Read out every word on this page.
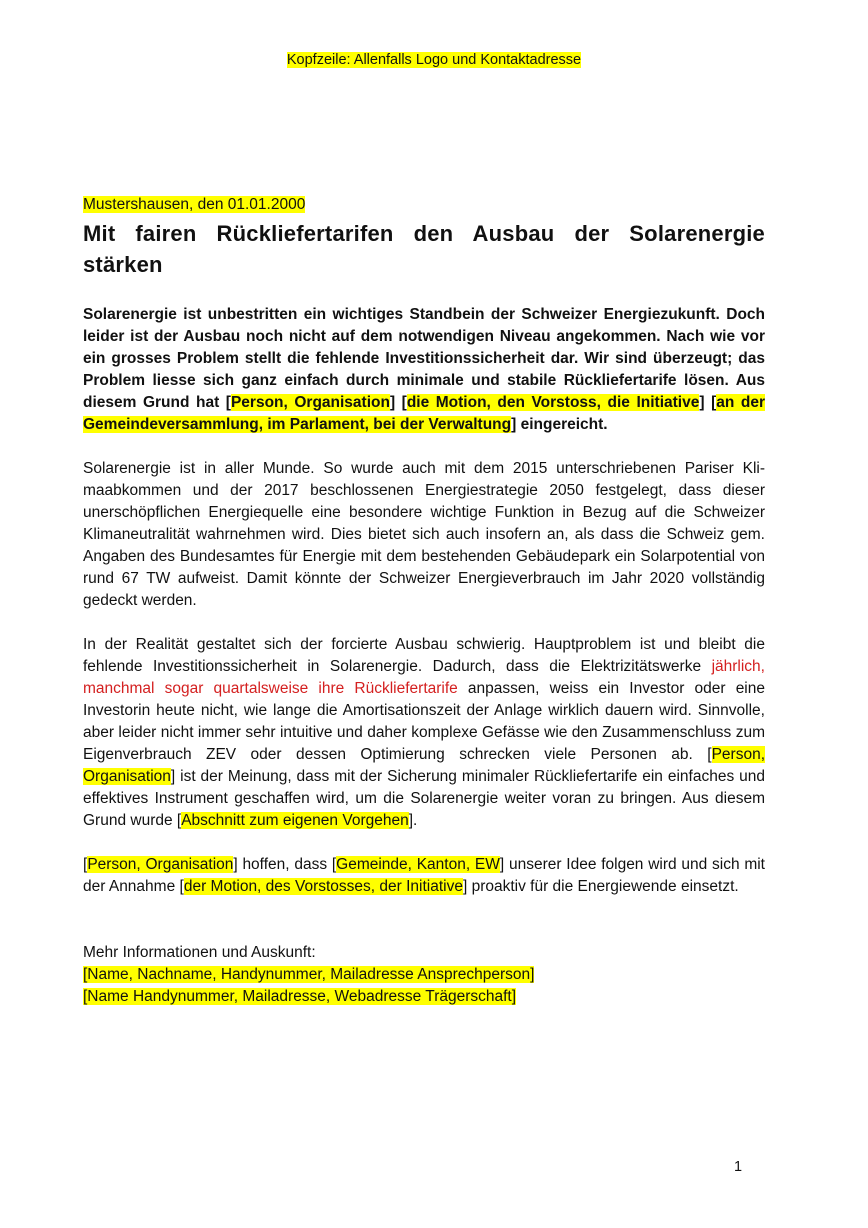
Kopfzeile: Allenfalls Logo und Kontaktadresse
Mustershausen, den 01.01.2000
Mit fairen Rückliefertarifen den Ausbau der Solarenergie stärken

Solarenergie ist unbestritten ein wichtiges Standbein der Schweizer Energiezukunft. Doch leider ist der Ausbau noch nicht auf dem notwendigen Niveau angekommen. Nach wie vor ein grosses Problem stellt die fehlende Investitionssicherheit dar. Wir sind überzeugt; das Problem liesse sich ganz einfach durch minimale und stabile Rückliefertarife lösen. Aus diesem Grund hat [Person, Organisation] [die Motion, den Vorstoss, die Initiative] [an der Gemeindeversammlung, im Parlament, bei der Verwaltung] eingereicht.

Solarenergie ist in aller Munde. So wurde auch mit dem 2015 unterschriebenen Pariser Klimaabkommen und der 2017 beschlossenen Energiestrategie 2050 festgelegt, dass dieser unerschöpflichen Energiequelle eine besondere wichtige Funktion in Bezug auf die Schweizer Klimaneutralität wahrnehmen wird. Dies bietet sich auch insofern an, als dass die Schweiz gem. Angaben des Bundesamtes für Energie mit dem bestehenden Gebäudepark ein Solarpotential von rund 67 TW aufweist. Damit könnte der Schweizer Energieverbrauch im Jahr 2020 vollständig gedeckt werden.

In der Realität gestaltet sich der forcierte Ausbau schwierig. Hauptproblem ist und bleibt die fehlende Investitionssicherheit in Solarenergie. Dadurch, dass die Elektrizitätswerke jährlich, manchmal sogar quartalsweise ihre Rückliefertarife anpassen, weiss ein Investor oder eine Investorin heute nicht, wie lange die Amortisationszeit der Anlage wirklich dauern wird. Sinnvolle, aber leider nicht immer sehr intuitive und daher komplexe Gefässe wie den Zusammenschluss zum Eigenverbrauch ZEV oder dessen Optimierung schrecken viele Personen ab. [Person, Organisation] ist der Meinung, dass mit der Sicherung minimaler Rückliefertarife ein einfaches und effektives Instrument geschaffen wird, um die Solarenergie weiter voran zu bringen. Aus diesem Grund wurde [Abschnitt zum eigenen Vorgehen].

[Person, Organisation] hoffen, dass [Gemeinde, Kanton, EW] unserer Idee folgen wird und sich mit der Annahme [der Motion, des Vorstosses, der Initiative] proaktiv für die Energiewende einsetzt.

Mehr Informationen und Auskunft:
[Name, Nachname, Handynummer, Mailadresse Ansprechperson]
[Name Handynummer, Mailadresse, Webadresse Trägerschaft]
1
